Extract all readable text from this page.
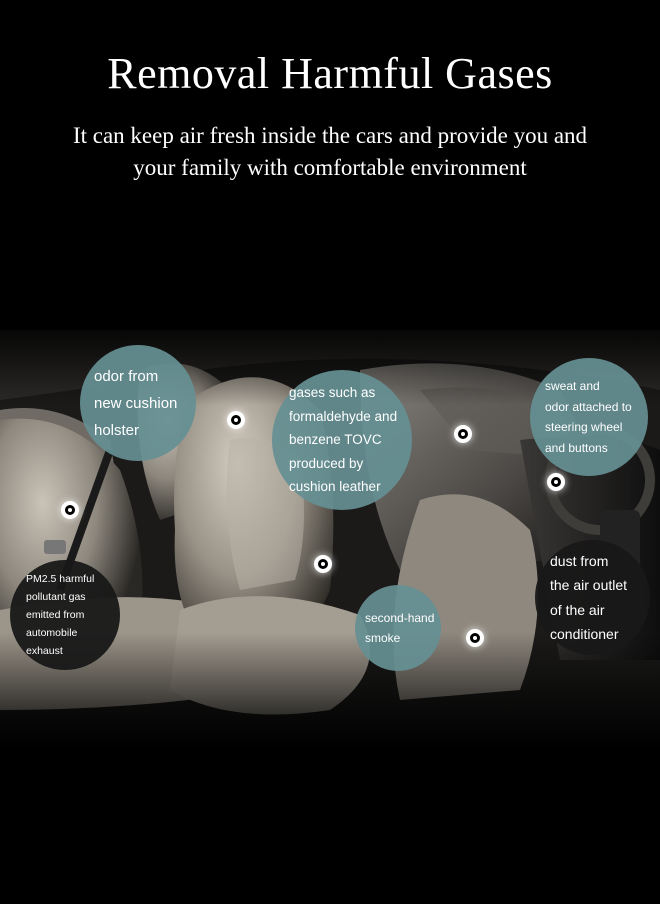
Removal Harmful Gases

It can keep air fresh inside the cars and provide you and
your family with comfortable environment

odor from
new cushion
holster
gases such as
formaldehyde and
benzene TOVC
produced by
cushion leather
sweat and
odor attached to
steering wheel
and buttons
PM2.5 harmful
pollutant gas
emitted from
automobile
exhaust
second-hand
smoke
dust from
the air outlet
of the air
conditioner
